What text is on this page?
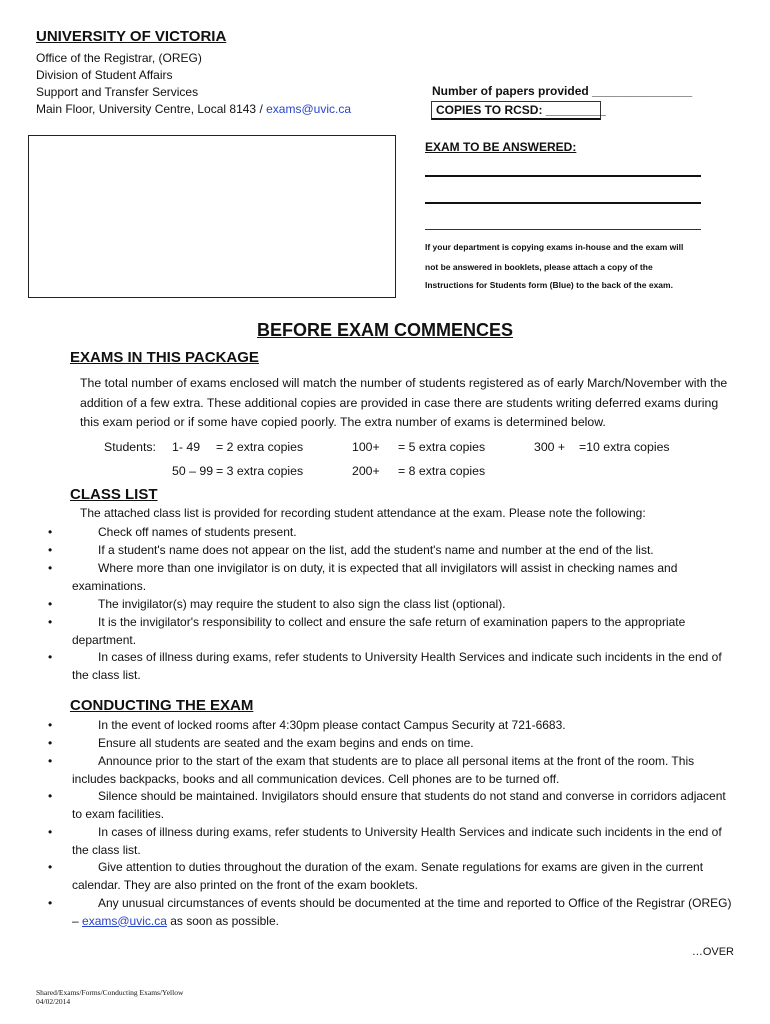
UNIVERSITY OF VICTORIA
Office of the Registrar, (OREG)
Division of Student Affairs
Support and Transfer Services
Main Floor, University Centre, Local 8143 / exams@uvic.ca
Number of papers provided _______________
COPIES TO RCSD: _________
EXAM TO BE ANSWERED:
If your department is copying exams in-house and the exam will
not be answered in booklets, please attach a copy of the
Instructions for Students form (Blue) to the back of the exam.
BEFORE EXAM COMMENCES
EXAMS IN THIS PACKAGE
The total number of exams enclosed will match the number of students registered as of early March/November with the addition of a few extra. These additional copies are provided in case there are students writing deferred exams during this exam period or if some have copied poorly. The extra number of exams is determined below.
Students: 1- 49 = 2 extra copies	100+ = 5 extra copies	300 + =10 extra copies
50 – 99 = 3 extra copies	200+ = 8 extra copies
CLASS LIST
The attached class list is provided for recording student attendance at the exam. Please note the following:
• Check off names of students present.
• If a student's name does not appear on the list, add the student's name and number at the end of the list.
• Where more than one invigilator is on duty, it is expected that all invigilators will assist in checking names and examinations.
• The invigilator(s) may require the student to also sign the class list (optional).
• It is the invigilator's responsibility to collect and ensure the safe return of examination papers to the appropriate department.
• In cases of illness during exams, refer students to University Health Services and indicate such incidents in the end of the class list.
CONDUCTING THE EXAM
• In the event of locked rooms after 4:30pm please contact Campus Security at 721-6683.
• Ensure all students are seated and the exam begins and ends on time.
• Announce prior to the start of the exam that students are to place all personal items at the front of the room. This includes backpacks, books and all communication devices. Cell phones are to be turned off.
• Silence should be maintained. Invigilators should ensure that students do not stand and converse in corridors adjacent to exam facilities.
• In cases of illness during exams, refer students to University Health Services and indicate such incidents in the end of the class list.
• Give attention to duties throughout the duration of the exam. Senate regulations for exams are given in the current calendar. They are also printed on the front of the exam booklets.
• Any unusual circumstances of events should be documented at the time and reported to Office of the Registrar (OREG) – exams@uvic.ca as soon as possible.
…OVER
Shared/Exams/Forms/Conducting Exams/Yellow
04/02/2014
